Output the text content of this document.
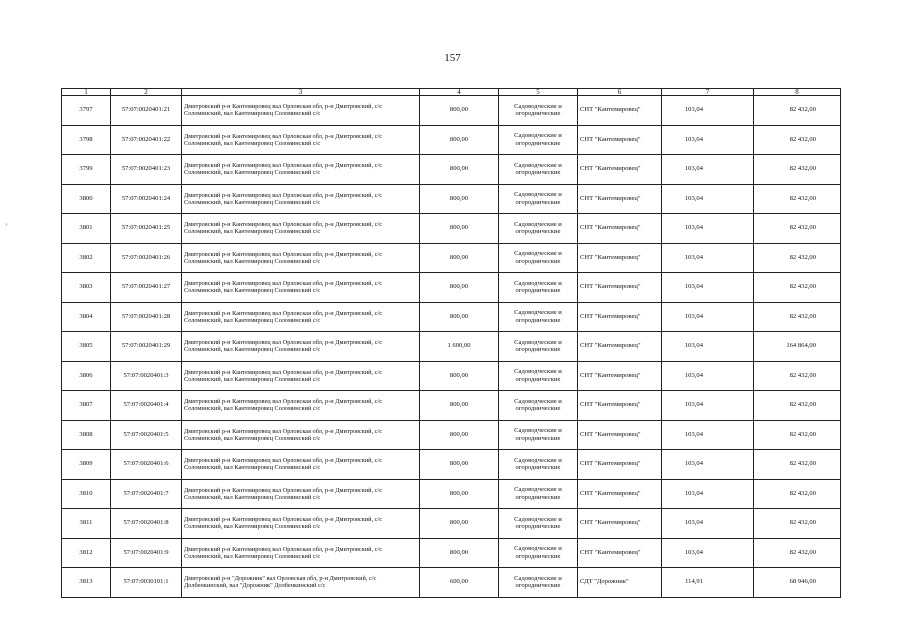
157
ʼ
1	2	3	4	5	6	7	8
3797	57:07:0020401:21	Дмитровский р-н Кантемировец вал Орловская обл, р-н Дмитровский, с/с Соломинский, вал Кантемировец Соломинский с/с	800,00	Садоводческие и огороднические	СНТ "Кантемировец"	103,04	82 432,00
3798	57:07:0020401:22	Дмитровский р-н Кантемировец вал Орловская обл, р-н Дмитровский, с/с Соломинский, вал Кантемировец Соломинский с/с	800,00	Садоводческие и огороднические	СНТ "Кантемировец"	103,04	82 432,00
3799	57:07:0020401:23	Дмитровский р-н Кантемировец вал Орловская обл, р-н Дмитровский, с/с Соломинский, вал Кантемировец Соломинский с/с	800,00	Садоводческие и огороднические	СНТ "Кантемировец"	103,04	82 432,00
3800	57:07:0020401:24	Дмитровский р-н Кантемировец вал Орловская обл, р-н Дмитровский, с/с Соломинский, вал Кантемировец Соломинский с/с	800,00	Садоводческие и огороднические	СНТ "Кантемировец"	103,04	82 432,00
3801	57:07:0020401:25	Дмитровский р-н Кантемировец вал Орловская обл, р-н Дмитровский, с/с Соломинский, вал Кантемировец Соломинский с/с	800,00	Садоводческие и огороднические	СНТ "Кантемировец"	103,04	82 432,00
3802	57:07:0020401:26	Дмитровский р-н Кантемировец вал Орловская обл, р-н Дмитровский, с/с Соломинский, вал Кантемировец Соломинский с/с	800,00	Садоводческие и огороднические	СНТ "Кантемировец"	103,04	82 432,00
3803	57:07:0020401:27	Дмитровский р-н Кантемировец вал Орловская обл, р-н Дмитровский, с/с Соломинский, вал Кантемировец Соломинский с/с	800,00	Садоводческие и огороднические	СНТ "Кантемировец"	103,04	82 432,00
3804	57:07:0020401:28	Дмитровский р-н Кантемировец вал Орловская обл, р-н Дмитровский, с/с Соломинский, вал Кантемировец Соломинский с/с	800,00	Садоводческие и огороднические	СНТ "Кантемировец"	103,04	82 432,00
3805	57:07:0020401:29	Дмитровский р-н Кантемировец вал Орловская обл, р-н Дмитровский, с/с Соломинский, вал Кантемировец Соломинский с/с	1 600,00	Садоводческие и огороднические	СНТ "Кантемировец"	103,04	164 864,00
3806	57:07:0020401:3	Дмитровский р-н Кантемировец вал Орловская обл, р-н Дмитровский, с/с Соломинский, вал Кантемировец Соломинский с/с	800,00	Садоводческие и огороднические	СНТ "Кантемировец"	103,04	82 432,00
3807	57:07:0020401:4	Дмитровский р-н Кантемировец вал Орловская обл, р-н Дмитровский, с/с Соломинский, вал Кантемировец Соломинский с/с	800,00	Садоводческие и огороднические	СНТ "Кантемировец"	103,04	82 432,00
3808	57:07:0020401:5	Дмитровский р-н Кантемировец вал Орловская обл, р-н Дмитровский, с/с Соломинский, вал Кантемировец Соломинский с/с	800,00	Садоводческие и огороднические	СНТ "Кантемировец"	103,04	82 432,00
3809	57:07:0020401:6	Дмитровский р-н Кантемировец вал Орловская обл, р-н Дмитровский, с/с Соломинский, вал Кантемировец Соломинский с/с	800,00	Садоводческие и огороднические	СНТ "Кантемировец"	103,04	82 432,00
3810	57:07:0020401:7	Дмитровский р-н Кантемировец вал Орловская обл, р-н Дмитровский, с/с Соломинский, вал Кантемировец Соломинский с/с	800,00	Садоводческие и огороднические	СНТ "Кантемировец"	103,04	82 432,00
3811	57:07:0020401:8	Дмитровский р-н Кантемировец вал Орловская обл, р-н Дмитровский, с/с Соломинский, вал Кантемировец Соломинский с/с	800,00	Садоводческие и огороднические	СНТ "Кантемировец"	103,04	82 432,00
3812	57:07:0020401:9	Дмитровский р-н Кантемировец вал Орловская обл, р-н Дмитровский, с/с Соломинский, вал Кантемировец Соломинский с/с	800,00	Садоводческие и огороднические	СНТ "Кантемировец"	103,04	82 432,00
3813	57:07:0030101:1	Дмитровский р-н "Дорожник" вал Орловская обл, р-н Дмитровский, с/с Долбенкинский, вал "Дорожник" Долбенкинский с/с	600,00	Садоводческие и огороднические	СДТ "Дорожник"	114,91	68 946,00
